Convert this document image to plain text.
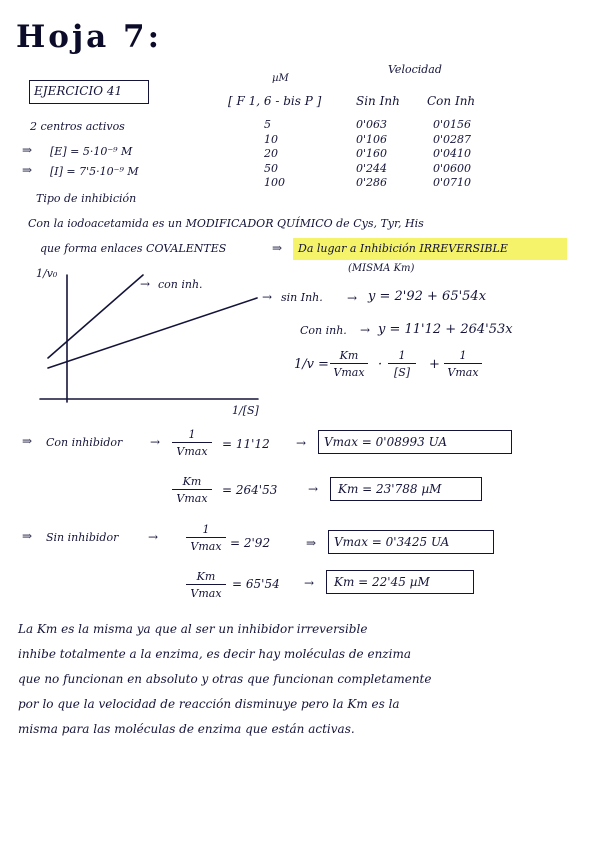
Hoja 7:
EJERCICIO 41
µM
Velocidad
[ F 1, 6 - bis P ]	Sin Inh Con Inh
5	0'063	0'0156
10	0'106	0'0287
20	0'160	0'0410
50	0'244	0'0600
100	0'286	0'0710
2 centros activos
⇒ [E] = 5·10⁻⁹ M
⇒ [I] = 7'5·10⁻⁹ M
Tipo de inhibición
Con la iodoacetamida es un MODIFICADOR QUÍMICO de Cys, Tyr, His
que forma enlaces COVALENTES	⇒ Da lugar a Inhibición IRREVERSIBLE
(MISMA Km)
1/v₀
1/[S]
→ con inh.
→ sin Inh. → y = 2'92 + 65'54x
Con inh. → y = 11'12 + 264'53x
1/v =
Km
Vmax
· $\frac{1}{[S]}$ +
1
Vmax
⇒ Con inhibidor →
1
Vmax
= 11'12 → Vmax = 0'08993 UA
Km
Vmax
= 264'53	→ Km = 23'788 µM
⇒ Sin inhibidor →
1
Vmax = 2'92	⇒ Vmax = 0'3425 UA
Km
Vmax
= 65'54 → Km = 22'45 µM
La Km es la misma ya que al ser un inhibidor irreversible
inhibe totalmente a la enzima, es decir hay moléculas de enzima
que no funcionan en absoluto y otras que funcionan completamente
por lo que la velocidad de reacción disminuye pero la Km es la
misma para las moléculas de enzima que están activas.
